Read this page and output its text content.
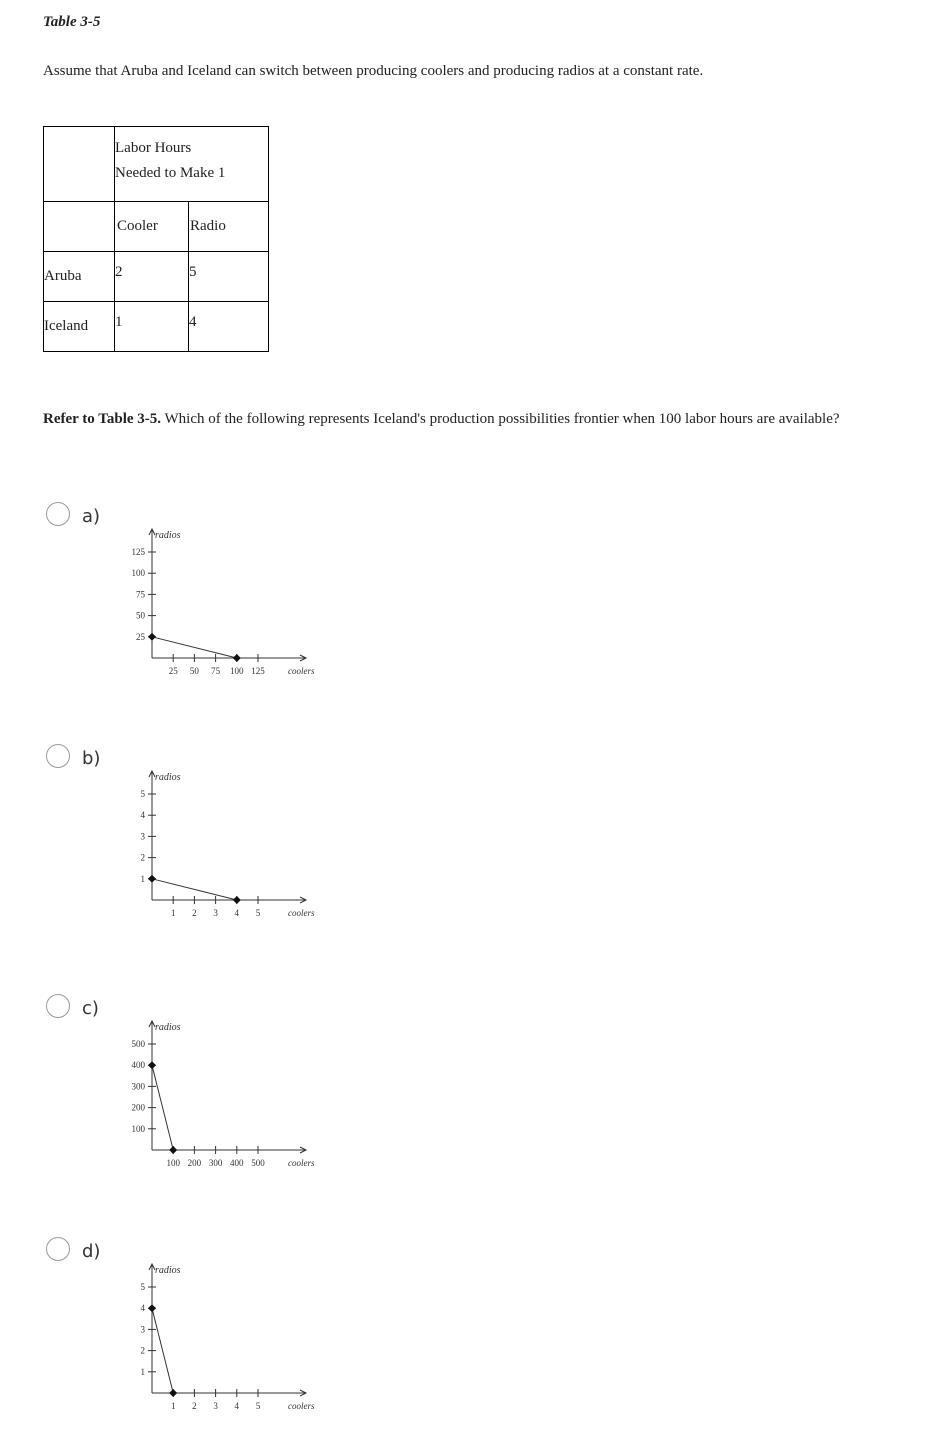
Table 3-5
Assume that Aruba and Iceland can switch between producing coolers and producing radios at a constant rate.

	Labor Hours
Needed to Make 1	

	Cooler	Radio
Aruba	2	5
Iceland	1	4
Refer to Table 3-5. Which of the following represents Iceland's production possibilities frontier when 100 labor hours are available?
a)
radios
coolers
125
100
75
50
25
25 50 75 100 125
b)
radios
coolers
5
4
3
2
1
1 2 3 4 5
c)
radios
coolers
500
400
300
200
100
100 200 300 400 500
d)
radios
coolers
5
4
3
2
1
1 2 3 4 5
